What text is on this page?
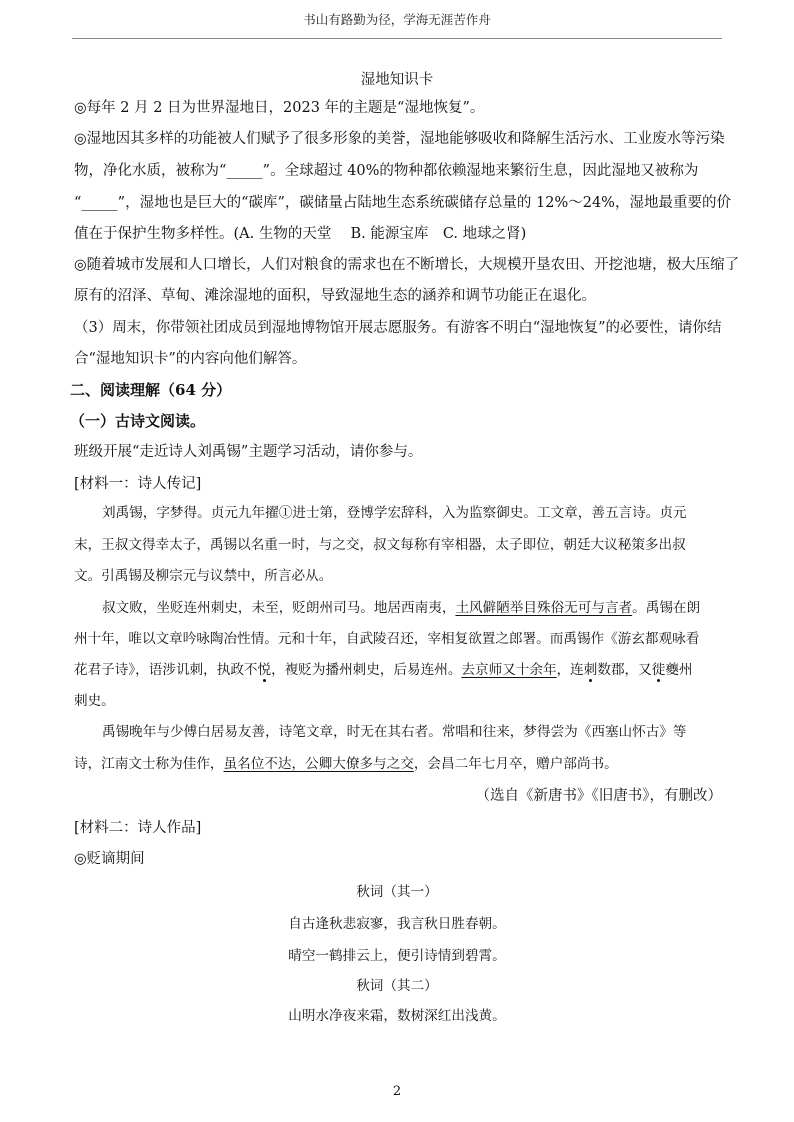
书山有路勤为径，学海无涯苦作舟
湿地知识卡
◎每年 2 月 2 日为世界湿地日，2023 年的主题是“湿地恢复”。
◎湿地因其多样的功能被人们赋予了很多形象的美誉，湿地能够吸收和降解生活污水、工业废水等污染
物，净化水质，被称为“_____”。全球超过 40%的物种都依赖湿地来繁衍生息，因此湿地又被称为
“_____”，湿地也是巨大的“碳库”，碳储量占陆地生态系统碳储存总量的 12%～24%，湿地最重要的价
值在于保护生物多样性。(A. 生物的天堂　 B. 能源宝库　C. 地球之肾)
◎随着城市发展和人口增长，人们对粮食的需求也在不断增长，大规模开垦农田、开挖池塘，极大压缩了
原有的沼泽、草甸、滩涂湿地的面积，导致湿地生态的涵养和调节功能正在退化。
（3）周末，你带领社团成员到湿地博物馆开展志愿服务。有游客不明白“湿地恢复”的必要性，请你结
合“湿地知识卡”的内容向他们解答。
二、阅读理解（64 分）
（一）古诗文阅读。
班级开展“走近诗人刘禹锡”主题学习活动，请你参与。
[材料一：诗人传记]
刘禹锡，字梦得。贞元九年擢①进士第，登博学宏辞科，入为监察御史。工文章，善五言诗。贞元
末，王叔文得幸太子，禹锡以名重一时，与之交，叔文每称有宰相器，太子即位，朝廷大议秘策多出叔
文。引禹锡及柳宗元与议禁中，所言必从。
叔文败，坐贬连州刺史，未至，贬朗州司马。地居西南夷，土风僻陋举目殊俗无可与言者。禹锡在朗
州十年，唯以文章吟咏陶冶性情。元和十年，自武陵召还，宰相复欲置之郎署。而禹锡作《游玄都观咏看
花君子诗》，语涉讥刺，执政不悦，複贬为播州刺史，后易连州。去京师又十余年，连刺数郡，又徙夔州
刺史。
禹锡晚年与少傅白居易友善，诗笔文章，时无在其右者。常唱和往来，梦得尝为《西塞山怀古》等
诗，江南文士称为佳作，虽名位不达，公卿大僚多与之交，会昌二年七月卒，赠户部尚书。
（选自《新唐书》《旧唐书》，有删改）
[材料二：诗人作品]
◎贬谪期间
秋词（其一）
自古逢秋悲寂寥，我言秋日胜春朝。
晴空一鹤排云上，便引诗情到碧霄。
秋词（其二）
山明水净夜来霜，数树深红出浅黄。
2
